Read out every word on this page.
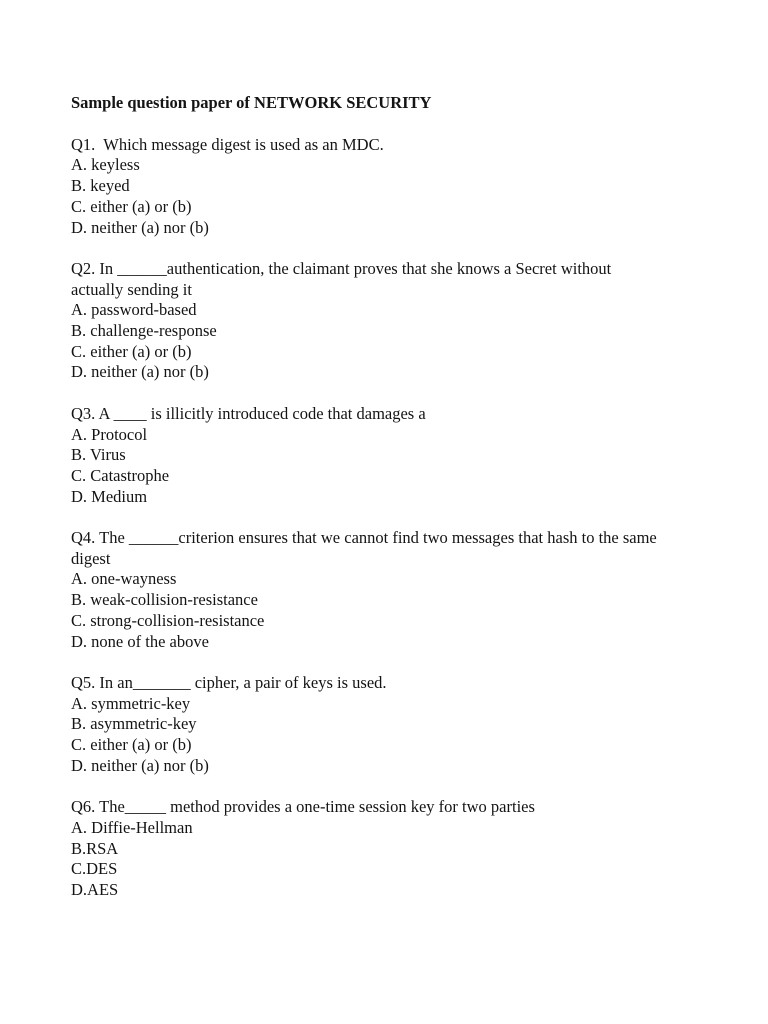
Sample question paper of NETWORK SECURITY
Q1.  Which message digest is used as an MDC.
A. keyless
B. keyed
C. either (a) or (b)
D. neither (a) nor (b)
Q2. In ______authentication, the claimant proves that she knows a Secret without
actually sending it
A. password-based
B. challenge-response
C. either (a) or (b)
D. neither (a) nor (b)
Q3. A ____ is illicitly introduced code that damages a
A. Protocol
B. Virus
C. Catastrophe
D. Medium
Q4. The ______criterion ensures that we cannot find two messages that hash to the same
digest
A. one-wayness
B. weak-collision-resistance
C. strong-collision-resistance
D. none of the above
Q5. In an_______ cipher, a pair of keys is used.
A. symmetric-key
B. asymmetric-key
C. either (a) or (b)
D. neither (a) nor (b)
Q6. The_____ method provides a one-time session key for two parties
A. Diffie-Hellman
B.RSA
C.DES
D.AES
